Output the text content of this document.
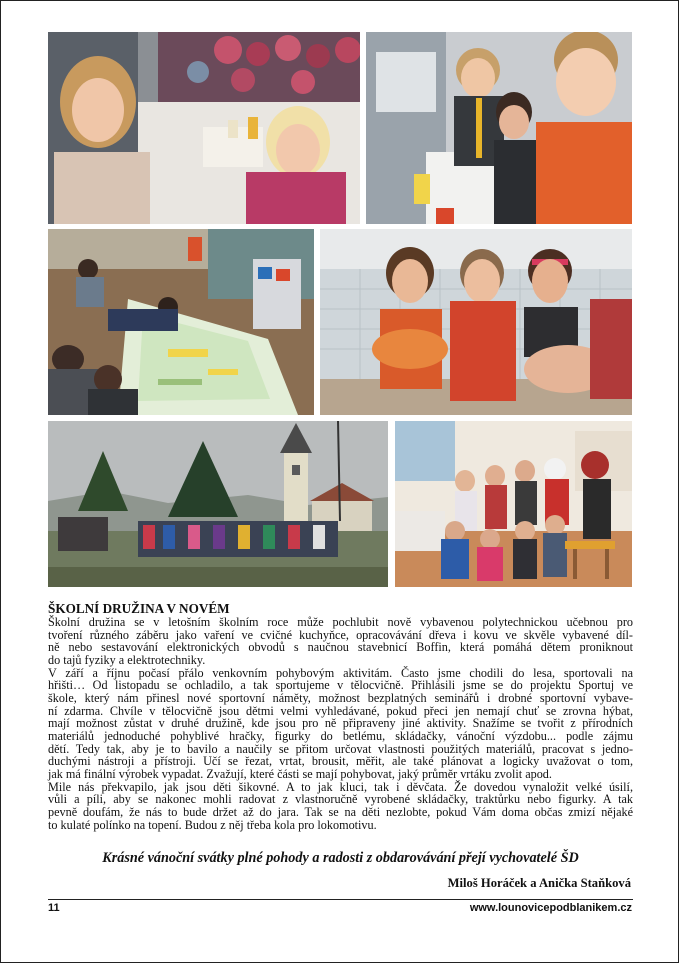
ŠKOLNÍ DRUŽINA V NOVÉM

Školní družina se v letošním školním roce může pochlubit nově vybavenou polytechnickou učebnou pro
tvoření různého záběru jako vaření ve cvičné kuchyňce, opracovávání dřeva i kovu ve skvěle vybavené díl-
ně nebo sestavování elektronických obvodů s naučnou stavebnicí Boffin, která pomáhá dětem proniknout
do tajů fyziky a elektrotechniky.
V září a říjnu počasí přálo venkovním pohybovým aktivitám. Často jsme chodili do lesa, sportovali na
hřišti… Od listopadu se ochladilo, a tak sportujeme v tělocvičně. Přihlásili jsme se do projektu Sportuj ve
škole, který nám přinesl nové sportovní náměty, možnost bezplatných seminářů i drobné sportovní vybave-
ní zdarma. Chvíle v tělocvičně jsou dětmi velmi vyhledávané, pokud přeci jen nemají chuť se zrovna hýbat,
mají možnost zůstat v druhé družině, kde jsou pro ně připraveny jiné aktivity. Snažíme se tvořit z přírodních
materiálů jednoduché pohyblivé hračky, figurky do betlému, skládačky, vánoční výzdobu... podle zájmu
dětí. Tedy tak, aby je to bavilo a naučily se přitom určovat vlastnosti použitých materiálů, pracovat s jedno-
duchými nástroji a přístroji. Učí se řezat, vrtat, brousit, měřit, ale také plánovat a logicky uvažovat o tom,
jak má finální výrobek vypadat. Zvažují, které části se mají pohybovat, jaký průměr vrtáku zvolit apod.
Mile nás překvapilo, jak jsou děti šikovné. A to jak kluci, tak i děvčata. Že dovedou vynaložit velké úsilí,
vůli a píli, aby se nakonec mohli radovat z vlastnoručně vyrobené skládačky, traktůrku nebo figurky. A tak
pevně doufám, že nás to bude držet až do jara. Tak se na děti nezlobte, pokud Vám doma občas zmizí nějaké
to kulaté polínko na topení. Budou z něj třeba kola pro lokomotivu.
Krásné vánoční svátky plné pohody a radosti z obdarovávání přejí vychovatelé ŠD
Miloš Horáček a Anička Staňková
11	www.lounovicepodblanikem.cz
